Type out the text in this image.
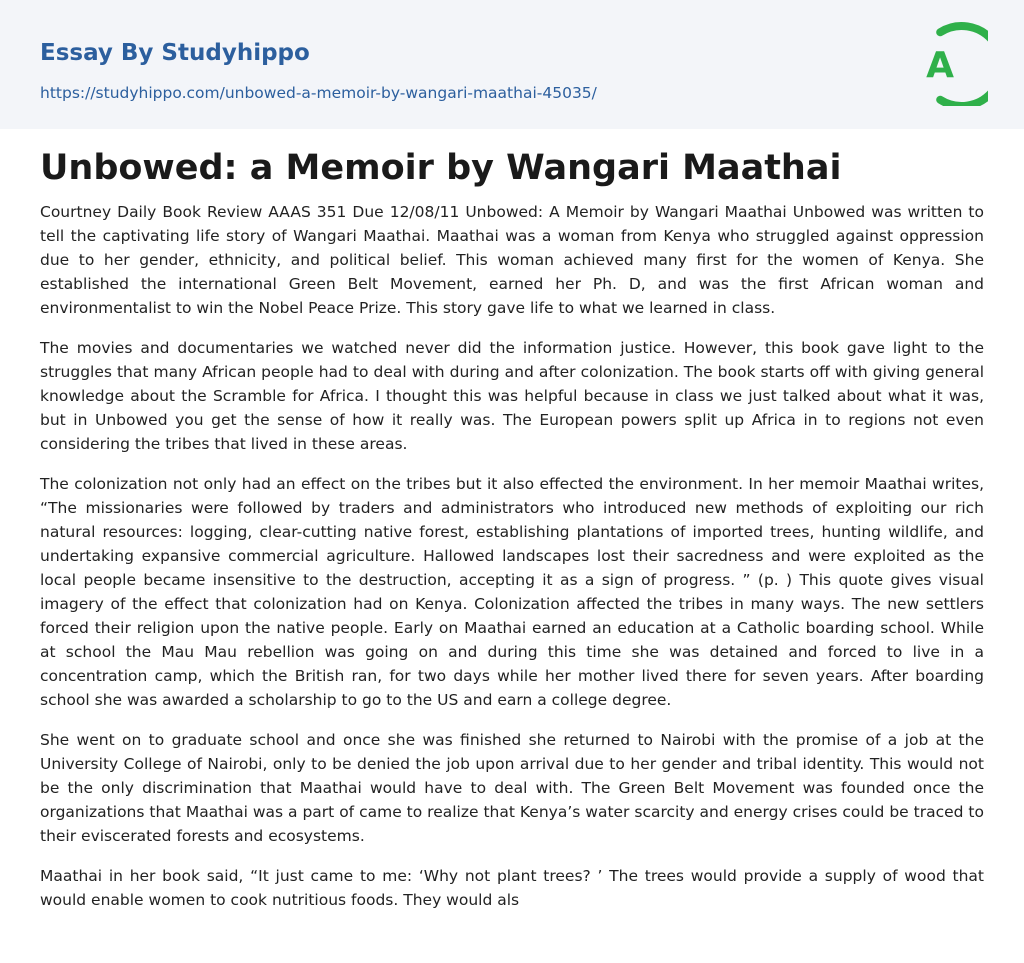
Essay By Studyhippo
https://studyhippo.com/unbowed-a-memoir-by-wangari-maathai-45035/
A
Unbowed: a Memoir by Wangari Maathai

Courtney Daily Book Review AAAS 351 Due 12/08/11 Unbowed: A Memoir by Wangari Maathai Unbowed was written to tell the captivating life story of Wangari Maathai. Maathai was a woman from Kenya who struggled against oppression due to her gender, ethnicity, and political belief. This woman achieved many first for the women of Kenya. She established the international Green Belt Movement, earned her Ph. D, and was the first African woman and environmentalist to win the Nobel Peace Prize. This story gave life to what we learned in class.

The movies and documentaries we watched never did the information justice. However, this book gave light to the struggles that many African people had to deal with during and after colonization. The book starts off with giving general knowledge about the Scramble for Africa. I thought this was helpful because in class we just talked about what it was, but in Unbowed you get the sense of how it really was. The European powers split up Africa in to regions not even considering the tribes that lived in these areas.

The colonization not only had an effect on the tribes but it also effected the environment. In her memoir Maathai writes, “The missionaries were followed by traders and administrators who introduced new methods of exploiting our rich natural resources: logging, clear-cutting native forest, establishing plantations of imported trees, hunting wildlife, and undertaking expansive commercial agriculture. Hallowed landscapes lost their sacredness and were exploited as the local people became insensitive to the destruction, accepting it as a sign of progress. ” (p. ) This quote gives visual imagery of the effect that colonization had on Kenya. Colonization affected the tribes in many ways. The new settlers forced their religion upon the native people. Early on Maathai earned an education at a Catholic boarding school. While at school the Mau Mau rebellion was going on and during this time she was detained and forced to live in a concentration camp, which the British ran, for two days while her mother lived there for seven years. After boarding school she was awarded a scholarship to go to the US and earn a college degree.

She went on to graduate school and once she was finished she returned to Nairobi with the promise of a job at the University College of Nairobi, only to be denied the job upon arrival due to her gender and tribal identity. This would not be the only discrimination that Maathai would have to deal with. The Green Belt Movement was founded once the organizations that Maathai was a part of came to realize that Kenya’s water scarcity and energy crises could be traced to their eviscerated forests and ecosystems.

Maathai in her book said, “It just came to me: ‘Why not plant trees? ’ The trees would provide a supply of wood that would enable women to cook nutritious foods. They would als
